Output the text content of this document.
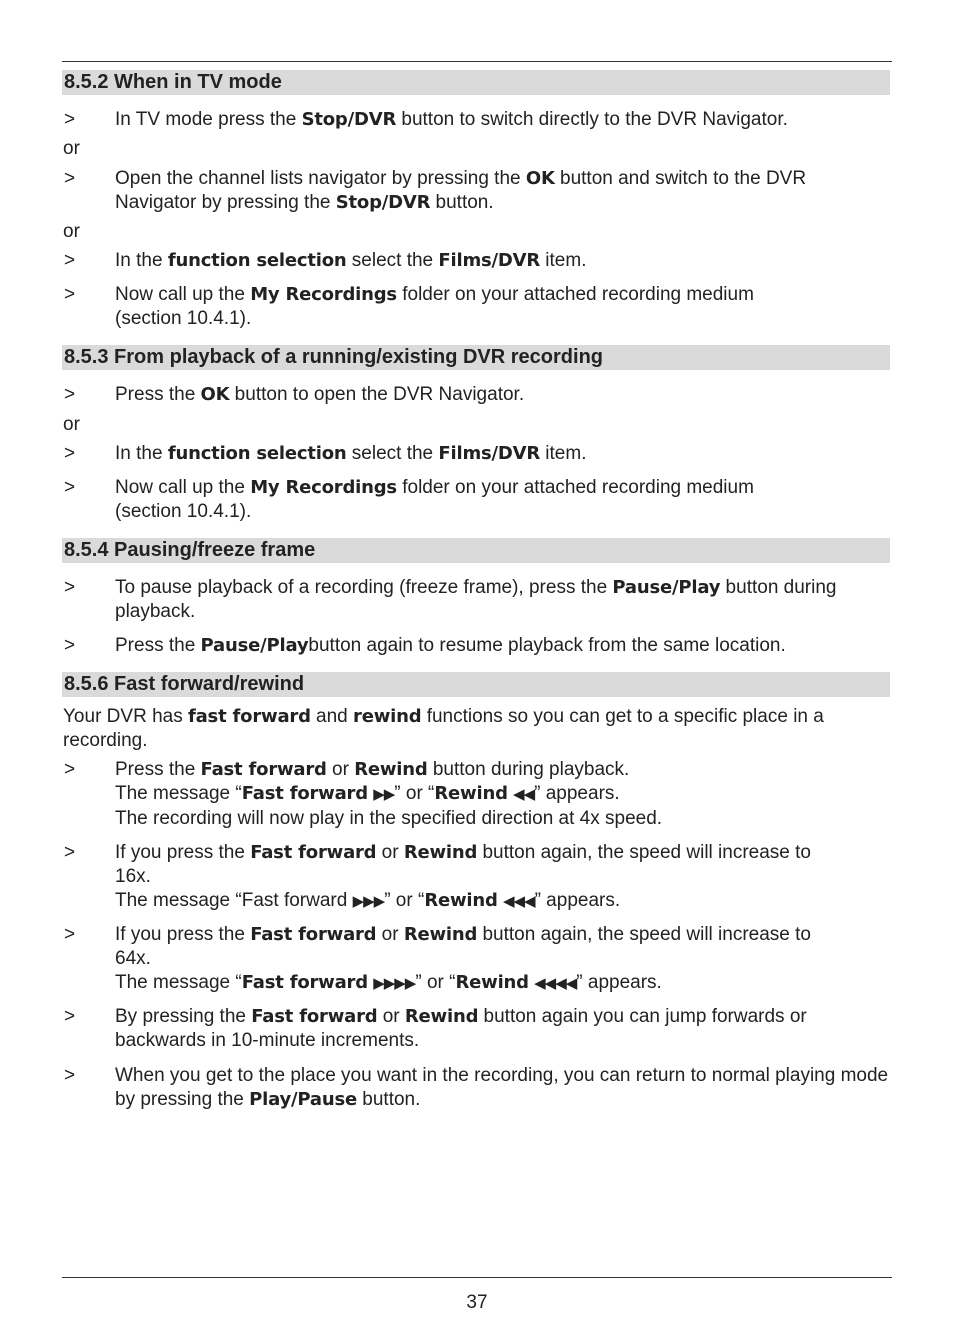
8.5.2 When in TV mode
> In TV mode press the Stop/DVR button to switch directly to the DVR Navigator.
or
> Open the channel lists navigator by pressing the OK button and switch to the DVR Navigator by pressing the Stop/DVR button.
or
> In the function selection select the Films/DVR item.
> Now call up the My Recordings folder on your attached recording medium (section 10.4.1).
8.5.3 From playback of a running/existing DVR recording
> Press the OK button to open the DVR Navigator.
or
> In the function selection select the Films/DVR item.
> Now call up the My Recordings folder on your attached recording medium (section 10.4.1).
8.5.4 Pausing/freeze frame
> To pause playback of a recording (freeze frame), press the Pause/Play button during playback.
> Press the Pause/Playbutton again to resume playback from the same location.
8.5.6 Fast forward/rewind
Your DVR has fast forward and rewind functions so you can get to a specific place in a recording.
> Press the Fast forward or Rewind button during playback.
The message “Fast forward ▶▶” or “Rewind ◀◀” appears.
The recording will now play in the specified direction at 4x speed.
> If you press the Fast forward or Rewind button again, the speed will increase to 16x.
The message “Fast forward ▶▶▶” or “Rewind ◀◀◀” appears.
> If you press the Fast forward or Rewind button again, the speed will increase to 64x.
The message “Fast forward ▶▶▶▶” or “Rewind ◀◀◀◀” appears.
> By pressing the Fast forward or Rewind button again you can jump forwards or backwards in 10-minute increments.
> When you get to the place you want in the recording, you can return to normal playing mode by pressing the Play/Pause button.
37
